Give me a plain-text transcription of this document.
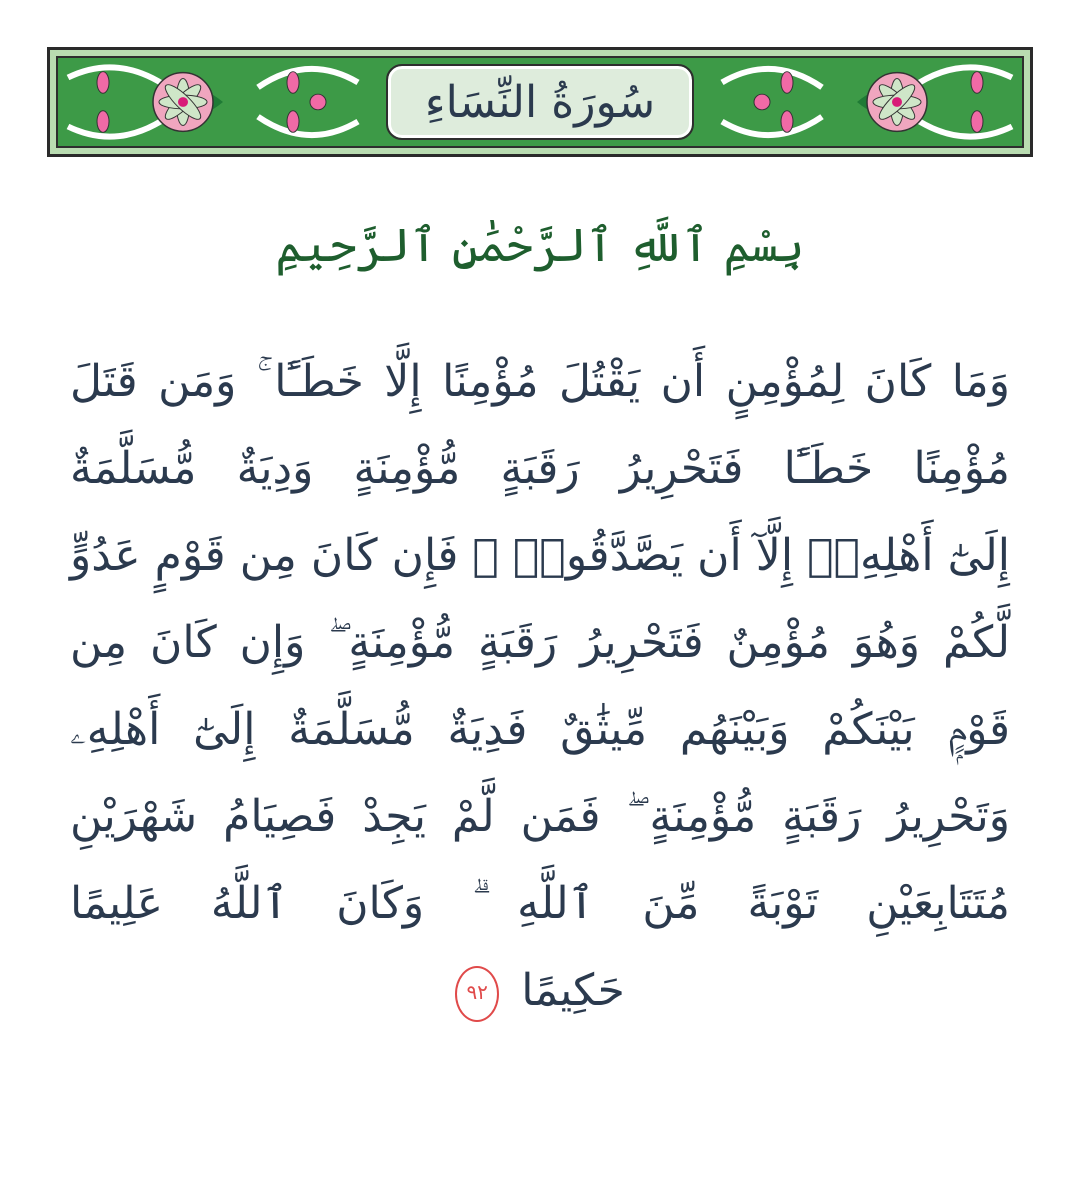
سُورَةُ النِّسَاءِ
بِسْمِ ٱللَّهِ ٱلرَّحْمَٰنِ ٱلرَّحِيمِ
وَمَا كَانَ لِمُؤْمِنٍ أَن يَقْتُلَ مُؤْمِنًا إِلَّا خَطَـًٔا ۚ وَمَن قَتَلَ
مُؤْمِنًا خَطَـًٔا فَتَحْرِيرُ رَقَبَةٍ مُّؤْمِنَةٍ وَدِيَةٌ مُّسَلَّمَةٌ
إِلَىٰٓ أَهْلِهِۦٓ إِلَّآ أَن يَصَّدَّقُوا۟ ۚ فَإِن كَانَ مِن قَوْمٍ عَدُوٍّ
لَّكُمْ وَهُوَ مُؤْمِنٌ فَتَحْرِيرُ رَقَبَةٍ مُّؤْمِنَةٍ ۖ وَإِن كَانَ مِن
قَوْمٍۭ بَيْنَكُمْ وَبَيْنَهُم مِّيثَٰقٌ فَدِيَةٌ مُّسَلَّمَةٌ إِلَىٰٓ أَهْلِهِۦ
وَتَحْرِيرُ رَقَبَةٍ مُّؤْمِنَةٍ ۖ فَمَن لَّمْ يَجِدْ فَصِيَامُ شَهْرَيْنِ
مُتَتَابِعَيْنِ تَوْبَةً مِّنَ ٱللَّهِ ۗ وَكَانَ ٱللَّهُ عَلِيمًا
حَكِيمًا ٩٢
